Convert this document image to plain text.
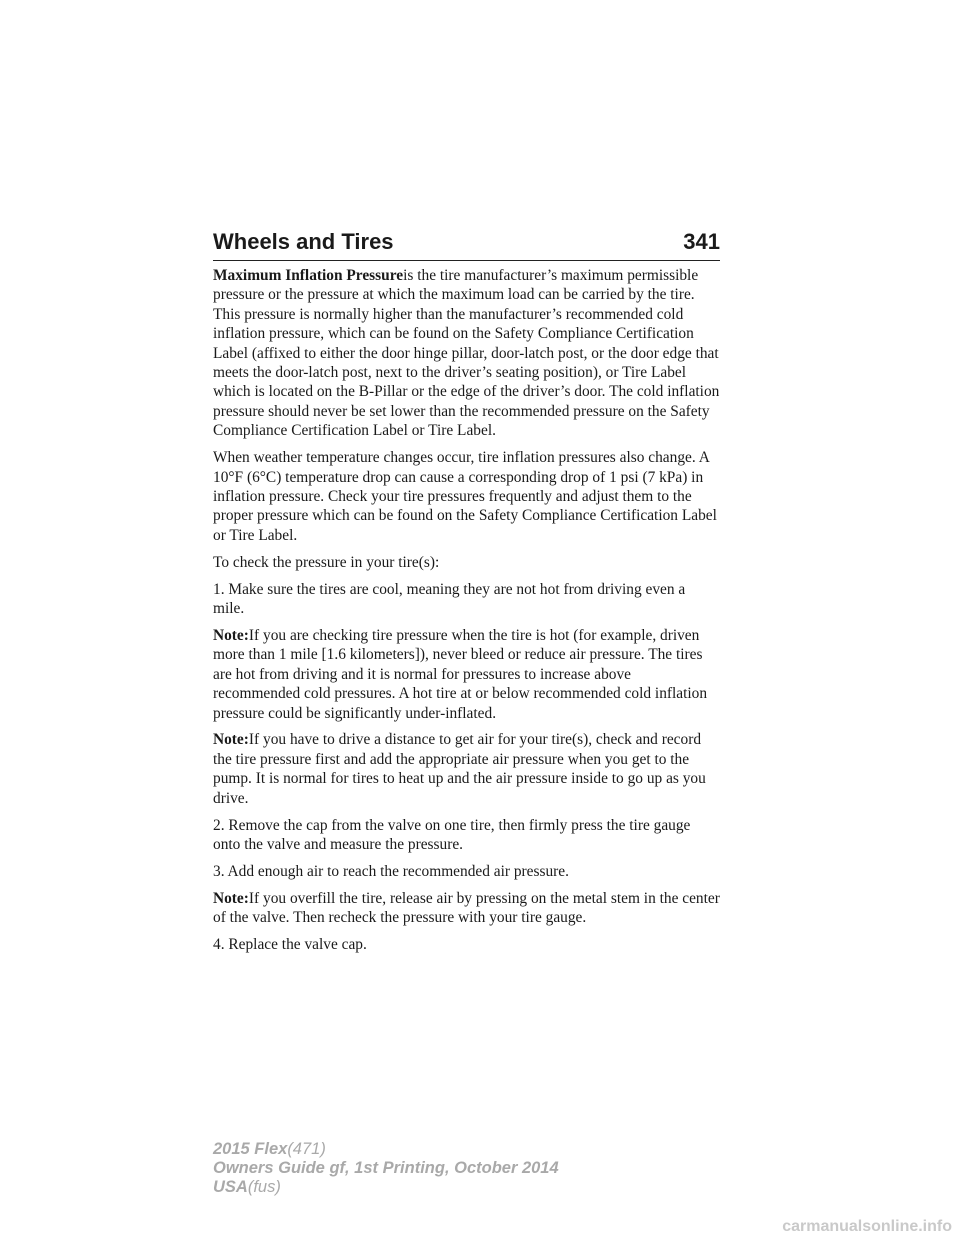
Wheels and Tires	341

Maximum Inflation Pressureis the tire manufacturer’s maximum permissible pressure or the pressure at which the maximum load can be carried by the tire. This pressure is normally higher than the manufacturer’s recommended cold inflation pressure, which can be found on the Safety Compliance Certification Label (affixed to either the door hinge pillar, door-latch post, or the door edge that meets the door-latch post, next to the driver’s seating position), or Tire Label which is located on the B-Pillar or the edge of the driver’s door. The cold inflation pressure should never be set lower than the recommended pressure on the Safety Compliance Certification Label or Tire Label.

When weather temperature changes occur, tire inflation pressures also change. A 10°F (6°C) temperature drop can cause a corresponding drop of 1 psi (7 kPa) in inflation pressure. Check your tire pressures frequently and adjust them to the proper pressure which can be found on the Safety Compliance Certification Label or Tire Label.

To check the pressure in your tire(s):

1. Make sure the tires are cool, meaning they are not hot from driving even a mile.

Note:If you are checking tire pressure when the tire is hot (for example, driven more than 1 mile [1.6 kilometers]), never bleed or reduce air pressure. The tires are hot from driving and it is normal for pressures to increase above recommended cold pressures. A hot tire at or below recommended cold inflation pressure could be significantly under-inflated.

Note:If you have to drive a distance to get air for your tire(s), check and record the tire pressure first and add the appropriate air pressure when you get to the pump. It is normal for tires to heat up and the air pressure inside to go up as you drive.

2. Remove the cap from the valve on one tire, then firmly press the tire gauge onto the valve and measure the pressure.

3. Add enough air to reach the recommended air pressure.

Note:If you overfill the tire, release air by pressing on the metal stem in the center of the valve. Then recheck the pressure with your tire gauge.

4. Replace the valve cap.

2015 Flex(471)
Owners Guide gf, 1st Printing, October 2014
USA(fus)
carmanualsonline.info
